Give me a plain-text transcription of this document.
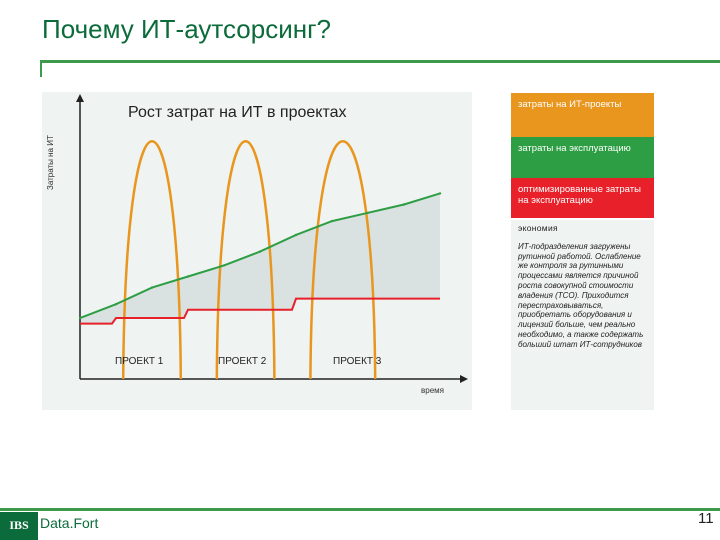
Почему ИТ-аутсорсинг?
Рост затрат на ИТ в проектах
Затраты на ИТ
время
ПРОЕКТ 1	ПРОЕКТ 2	ПРОЕКТ 3
затраты на ИТ-проекты
затраты на эксплуатацию
оптимизированные затраты на эксплуатацию
экономия
ИТ-подразделения загружены рутинной работой. Ослабление же контроля за рутинными процессами является причиной роста совокупной стоимости владения (TCO). Приходится перестраховываться, приобретать оборудования и лицензий больше, чем реально необходимо, а также содержать больший штат ИТ-сотрудников
IBS Data.Fort	11
